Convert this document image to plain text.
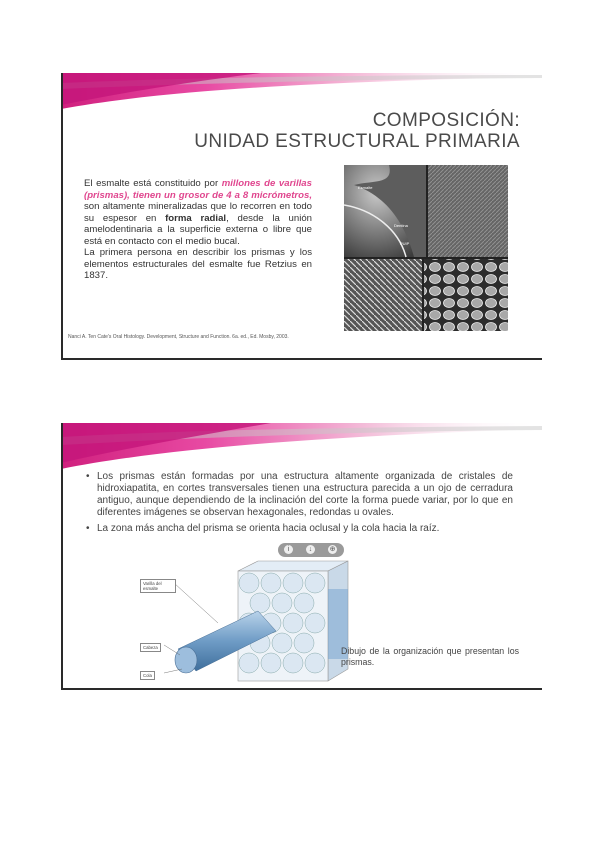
COMPOSICIÓN:
UNIDAD ESTRUCTURAL PRIMARIA

El esmalte está constituido por millones de varillas (prismas), tienen un grosor de 4 a 8 micrómetros, son altamente mineralizadas que lo recorren en todo su espesor en forma radial, desde la unión amelodentinaria a la superficie externa o libre que está en contacto con el medio bucal.

La primera persona en describir los prismas y los elementos estructurales del esmalte fue Retzius en 1837.

Nanci A. Ten Cate's Oral Histology. Development, Structure and Function. 6a. ed., Ed. Mosby, 2003.
Esmalte
Dentina
PUIP
• Los prismas están formadas por una estructura altamente organizada de cristales de hidroxiapatita, en cortes transversales tienen una estructura parecida a un ojo de cerradura antiguo, aunque dependiendo de la inclinación del corte la forma puede variar, por lo que en diferentes imágenes se observan hexagonales, redondas u ovales.
• La zona más ancha del prisma se orienta hacia oclusal y la cola hacia la raíz.
Varilla del esmalte
Cabeza
Cola
i	↓	⊕
Dibujo de la organización que presentan los prismas.
